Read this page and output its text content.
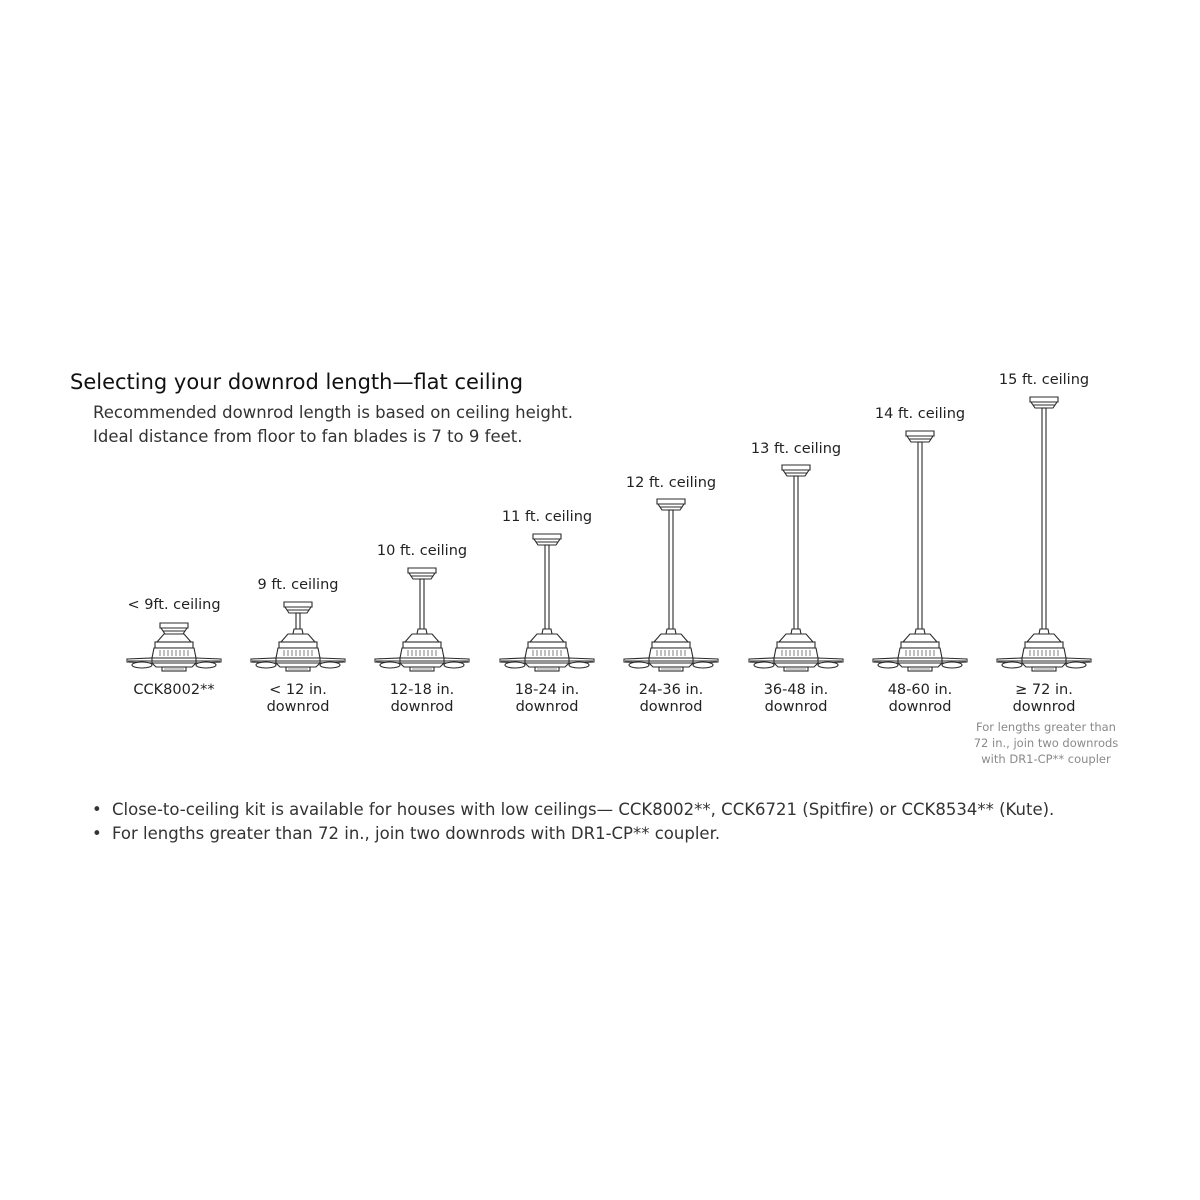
Selecting your downrod length—flat ceiling
Recommended downrod length is based on ceiling height.
Ideal distance from floor to fan blades is 7 to 9 feet.
< 9ft. ceiling
CCK8002**
9 ft. ceiling
< 12 in.
downrod
10 ft. ceiling
12-18 in.
downrod
11 ft. ceiling
18-24 in.
downrod
12 ft. ceiling
24-36 in.
downrod
13 ft. ceiling
36-48 in.
downrod
14 ft. ceiling
48-60 in.
downrod
15 ft. ceiling
≥ 72 in.
downrod
For lengths greater than
72 in., join two downrods
with DR1-CP** coupler
• Close-to-ceiling kit is available for houses with low ceilings— CCK8002**, CCK6721 (Spitfire) or CCK8534** (Kute).
• For lengths greater than 72 in., join two downrods with DR1-CP** coupler.
